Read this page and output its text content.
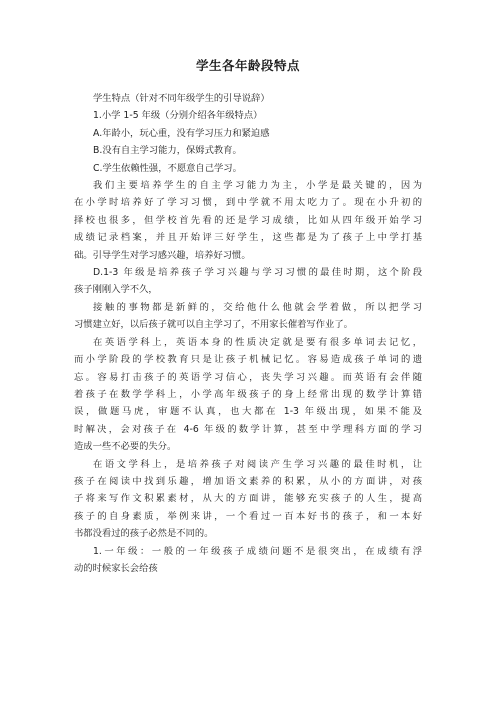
学生各年龄段特点

学生特点（针对不同年级学生的引导说辞）

1.小学 1-5 年级（分别介绍各年级特点）

A.年龄小，玩心重，没有学习压力和紧迫感

B.没有自主学习能力，保姆式教育。

C.学生依赖性强，不愿意自己学习。

我们主要培养学生的自主学习能力为主，小学是最关键的，因为

在小学时培养好了学习习惯，到中学就不用太吃力了。现在小升初的

择校也很多，但学校首先看的还是学习成绩，比如从四年级开始学习

成绩记录档案，并且开始评三好学生，这些都是为了孩子上中学打基

础。引导学生对学习感兴趣，培养好习惯。

D.1-3 年级是培养孩子学习兴趣与学习习惯的最佳时期，这个阶段

孩子刚刚入学不久，

接触的事物都是新鲜的，交给他什么他就会学着做，所以把学习

习惯建立好，以后孩子就可以自主学习了，不用家长催着写作业了。

在英语学科上，英语本身的性质决定就是要有很多单词去记忆，

而小学阶段的学校教育只是让孩子机械记忆。容易造成孩子单词的遗

忘。容易打击孩子的英语学习信心，丧失学习兴趣。而英语有会伴随

着孩子在数学学科上，小学高年级孩子的身上经常出现的数学计算错

误，做题马虎，审题不认真，也大都在 1-3 年级出现，如果不能及

时解决，会对孩子在 4-6 年级的数学计算，甚至中学理科方面的学习

造成一些不必要的失分。

在语文学科上，是培养孩子对阅读产生学习兴趣的最佳时机，让

孩子在阅读中找到乐趣，增加语文素养的积累，从小的方面讲，对孩

子将来写作文积累素材，从大的方面讲，能够充实孩子的人生，提高

孩子的自身素质，举例来讲，一个看过一百本好书的孩子，和一本好

书都没看过的孩子必然是不同的。

1.一年级：一般的一年级孩子成绩问题不是很突出，在成绩有浮

动的时候家长会给孩
